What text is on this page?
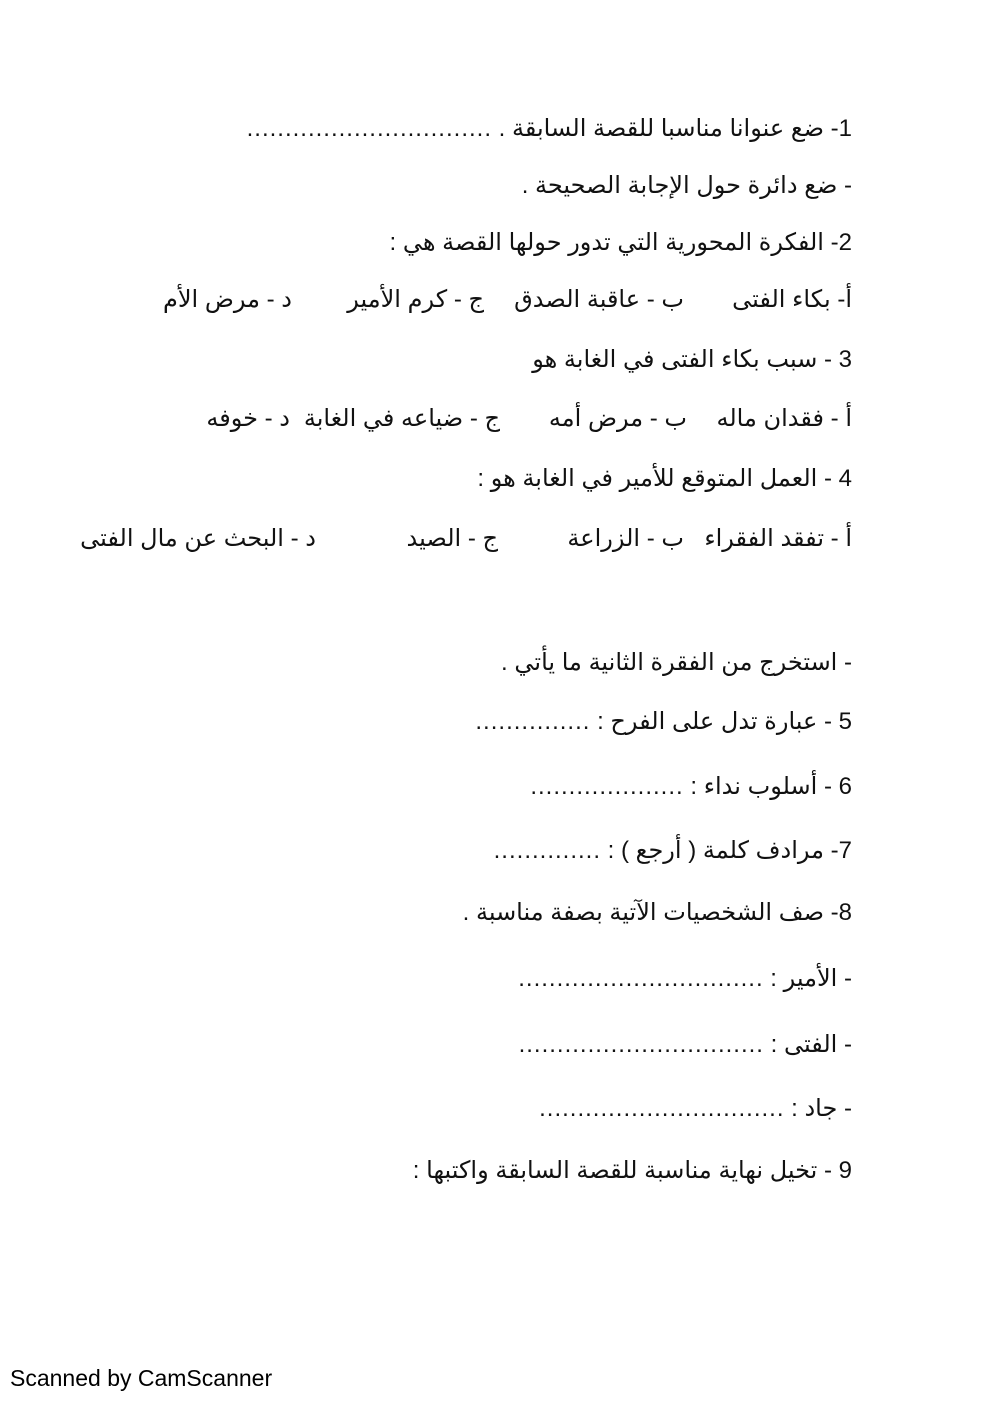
1- ضع عنوانا مناسبا للقصة السابقة . ................................
- ضع دائرة حول الإجابة الصحيحة .
2- الفكرة المحورية التي تدور حولها القصة هي :
أ- بكاء الفتى
ب - عاقبة الصدق
ج - كرم الأمير
د - مرض الأم
3 - سبب بكاء الفتى في الغابة هو
أ - فقدان ماله
ب - مرض أمه
ج - ضياعه في الغابة
د - خوفه
4 - العمل المتوقع للأمير في الغابة هو :
أ - تفقد الفقراء
ب - الزراعة
ج - الصيد
د - البحث عن مال الفتى
- استخرج من الفقرة الثانية ما يأتي .
5 - عبارة تدل على الفرح : ...............
6 - أسلوب نداء : ....................
7- مرادف كلمة ( أرجع ) : ..............
8- صف الشخصيات الآتية بصفة مناسبة .
- الأمير : ................................
- الفتى : ................................
- جاد : ................................
9 - تخيل نهاية مناسبة للقصة السابقة واكتبها :
Scanned by CamScanner
